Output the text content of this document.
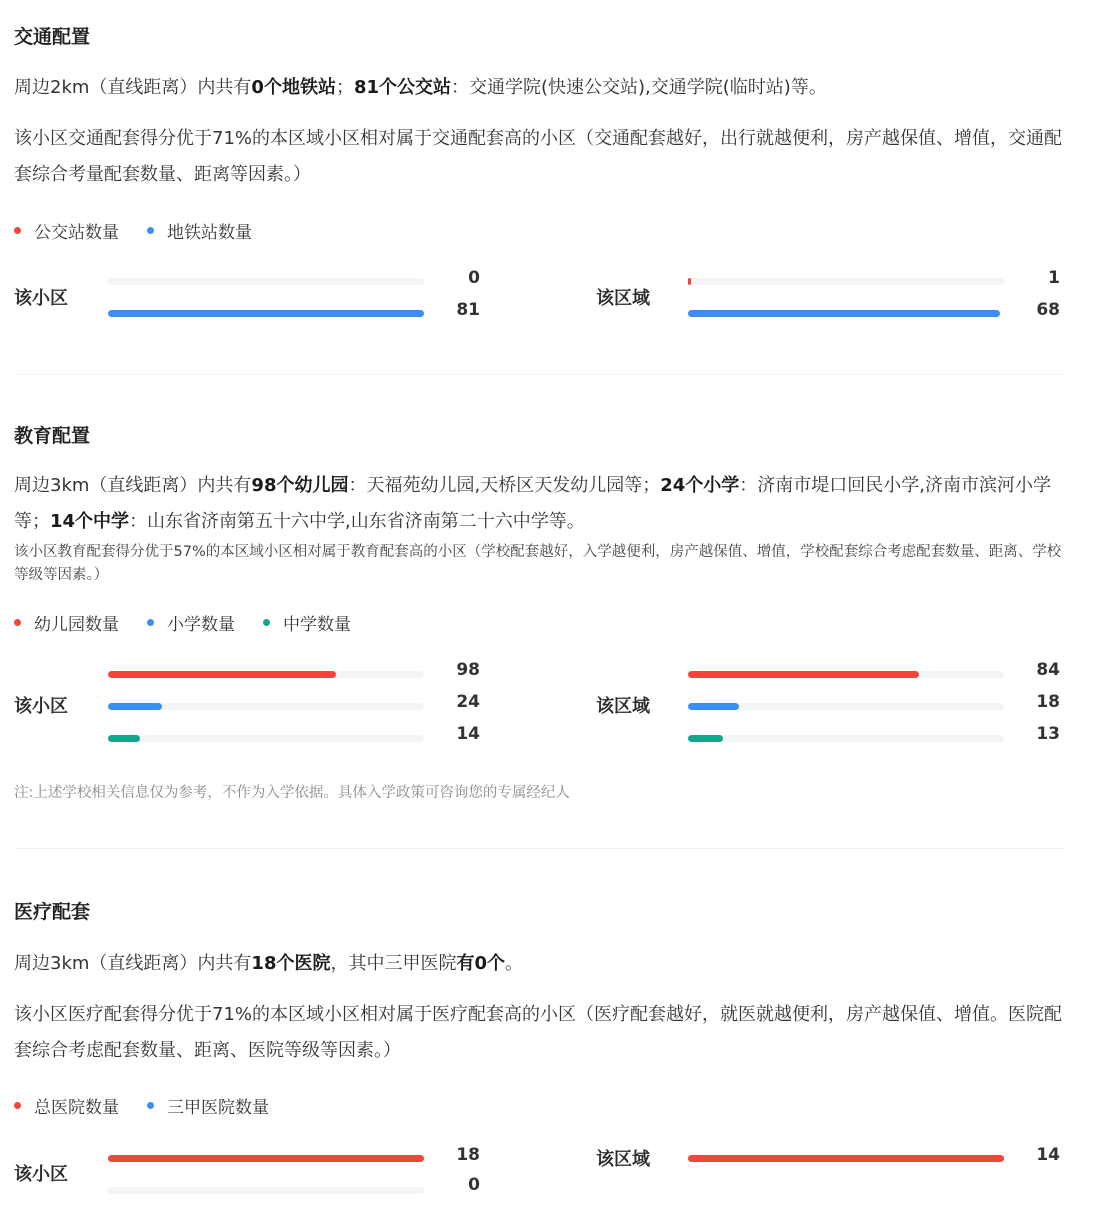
交通配置
周边2km（直线距离）内共有0个地铁站；81个公交站：交通学院(快速公交站),交通学院(临时站)等。
该小区交通配套得分优于71%的本区域小区相对属于交通配套高的小区（交通配套越好，出行就越便利，房产越保值、增值，交通配套综合考量配套数量、距离等因素。）
公交站数量	地铁站数量
该小区
0
81
该区域
1
68
教育配置
周边3km（直线距离）内共有98个幼儿园：天福苑幼儿园,天桥区天发幼儿园等；24个小学：济南市堤口回民小学,济南市滨河小学等；14个中学：山东省济南第五十六中学,山东省济南第二十六中学等。
该小区教育配套得分优于57%的本区域小区相对属于教育配套高的小区（学校配套越好，入学越便利，房产越保值、增值，学校配套综合考虑配套数量、距离、学校等级等因素。）
幼儿园数量	小学数量	中学数量
该小区
98
24
14
该区域
84
18
13
注:上述学校相关信息仅为参考，不作为入学依据。具体入学政策可咨询您的专属经纪人
医疗配套
周边3km（直线距离）内共有18个医院，其中三甲医院有0个。
该小区医疗配套得分优于71%的本区域小区相对属于医疗配套高的小区（医疗配套越好，就医就越便利，房产越保值、增值。医院配套综合考虑配套数量、距离、医院等级等因素。）
总医院数量	三甲医院数量
该小区
18
0
该区域	14
